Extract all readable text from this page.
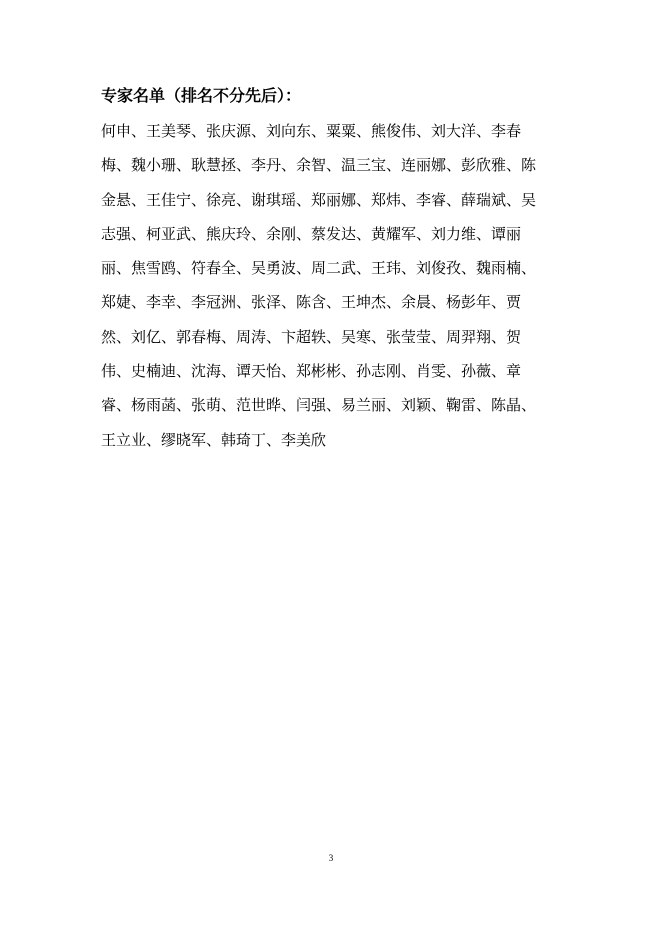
专家名单（排名不分先后）：
何申、王美琴、张庆源、刘向东、粟粟、熊俊伟、刘大洋、李春
梅、魏小珊、耿慧拯、李丹、余智、温三宝、连丽娜、彭欣雅、陈
金悬、王佳宁、徐亮、谢琪瑶、郑丽娜、郑炜、李睿、薛瑞斌、吴
志强、柯亚武、熊庆玲、余刚、蔡发达、黄耀军、刘力维、谭丽
丽、焦雪鸥、符春全、吴勇波、周二武、王玮、刘俊孜、魏雨楠、
郑婕、李幸、李冠洲、张泽、陈含、王坤杰、余晨、杨彭年、贾
然、刘亿、郭春梅、周涛、卞超轶、吴寒、张莹莹、周羿翔、贺
伟、史楠迪、沈海、谭天怡、郑彬彬、孙志刚、肖雯、孙薇、章
睿、杨雨菡、张萌、范世晔、闫强、易兰丽、刘颖、鞠雷、陈晶、
王立业、缪晓军、韩琦丁、李美欣
3
